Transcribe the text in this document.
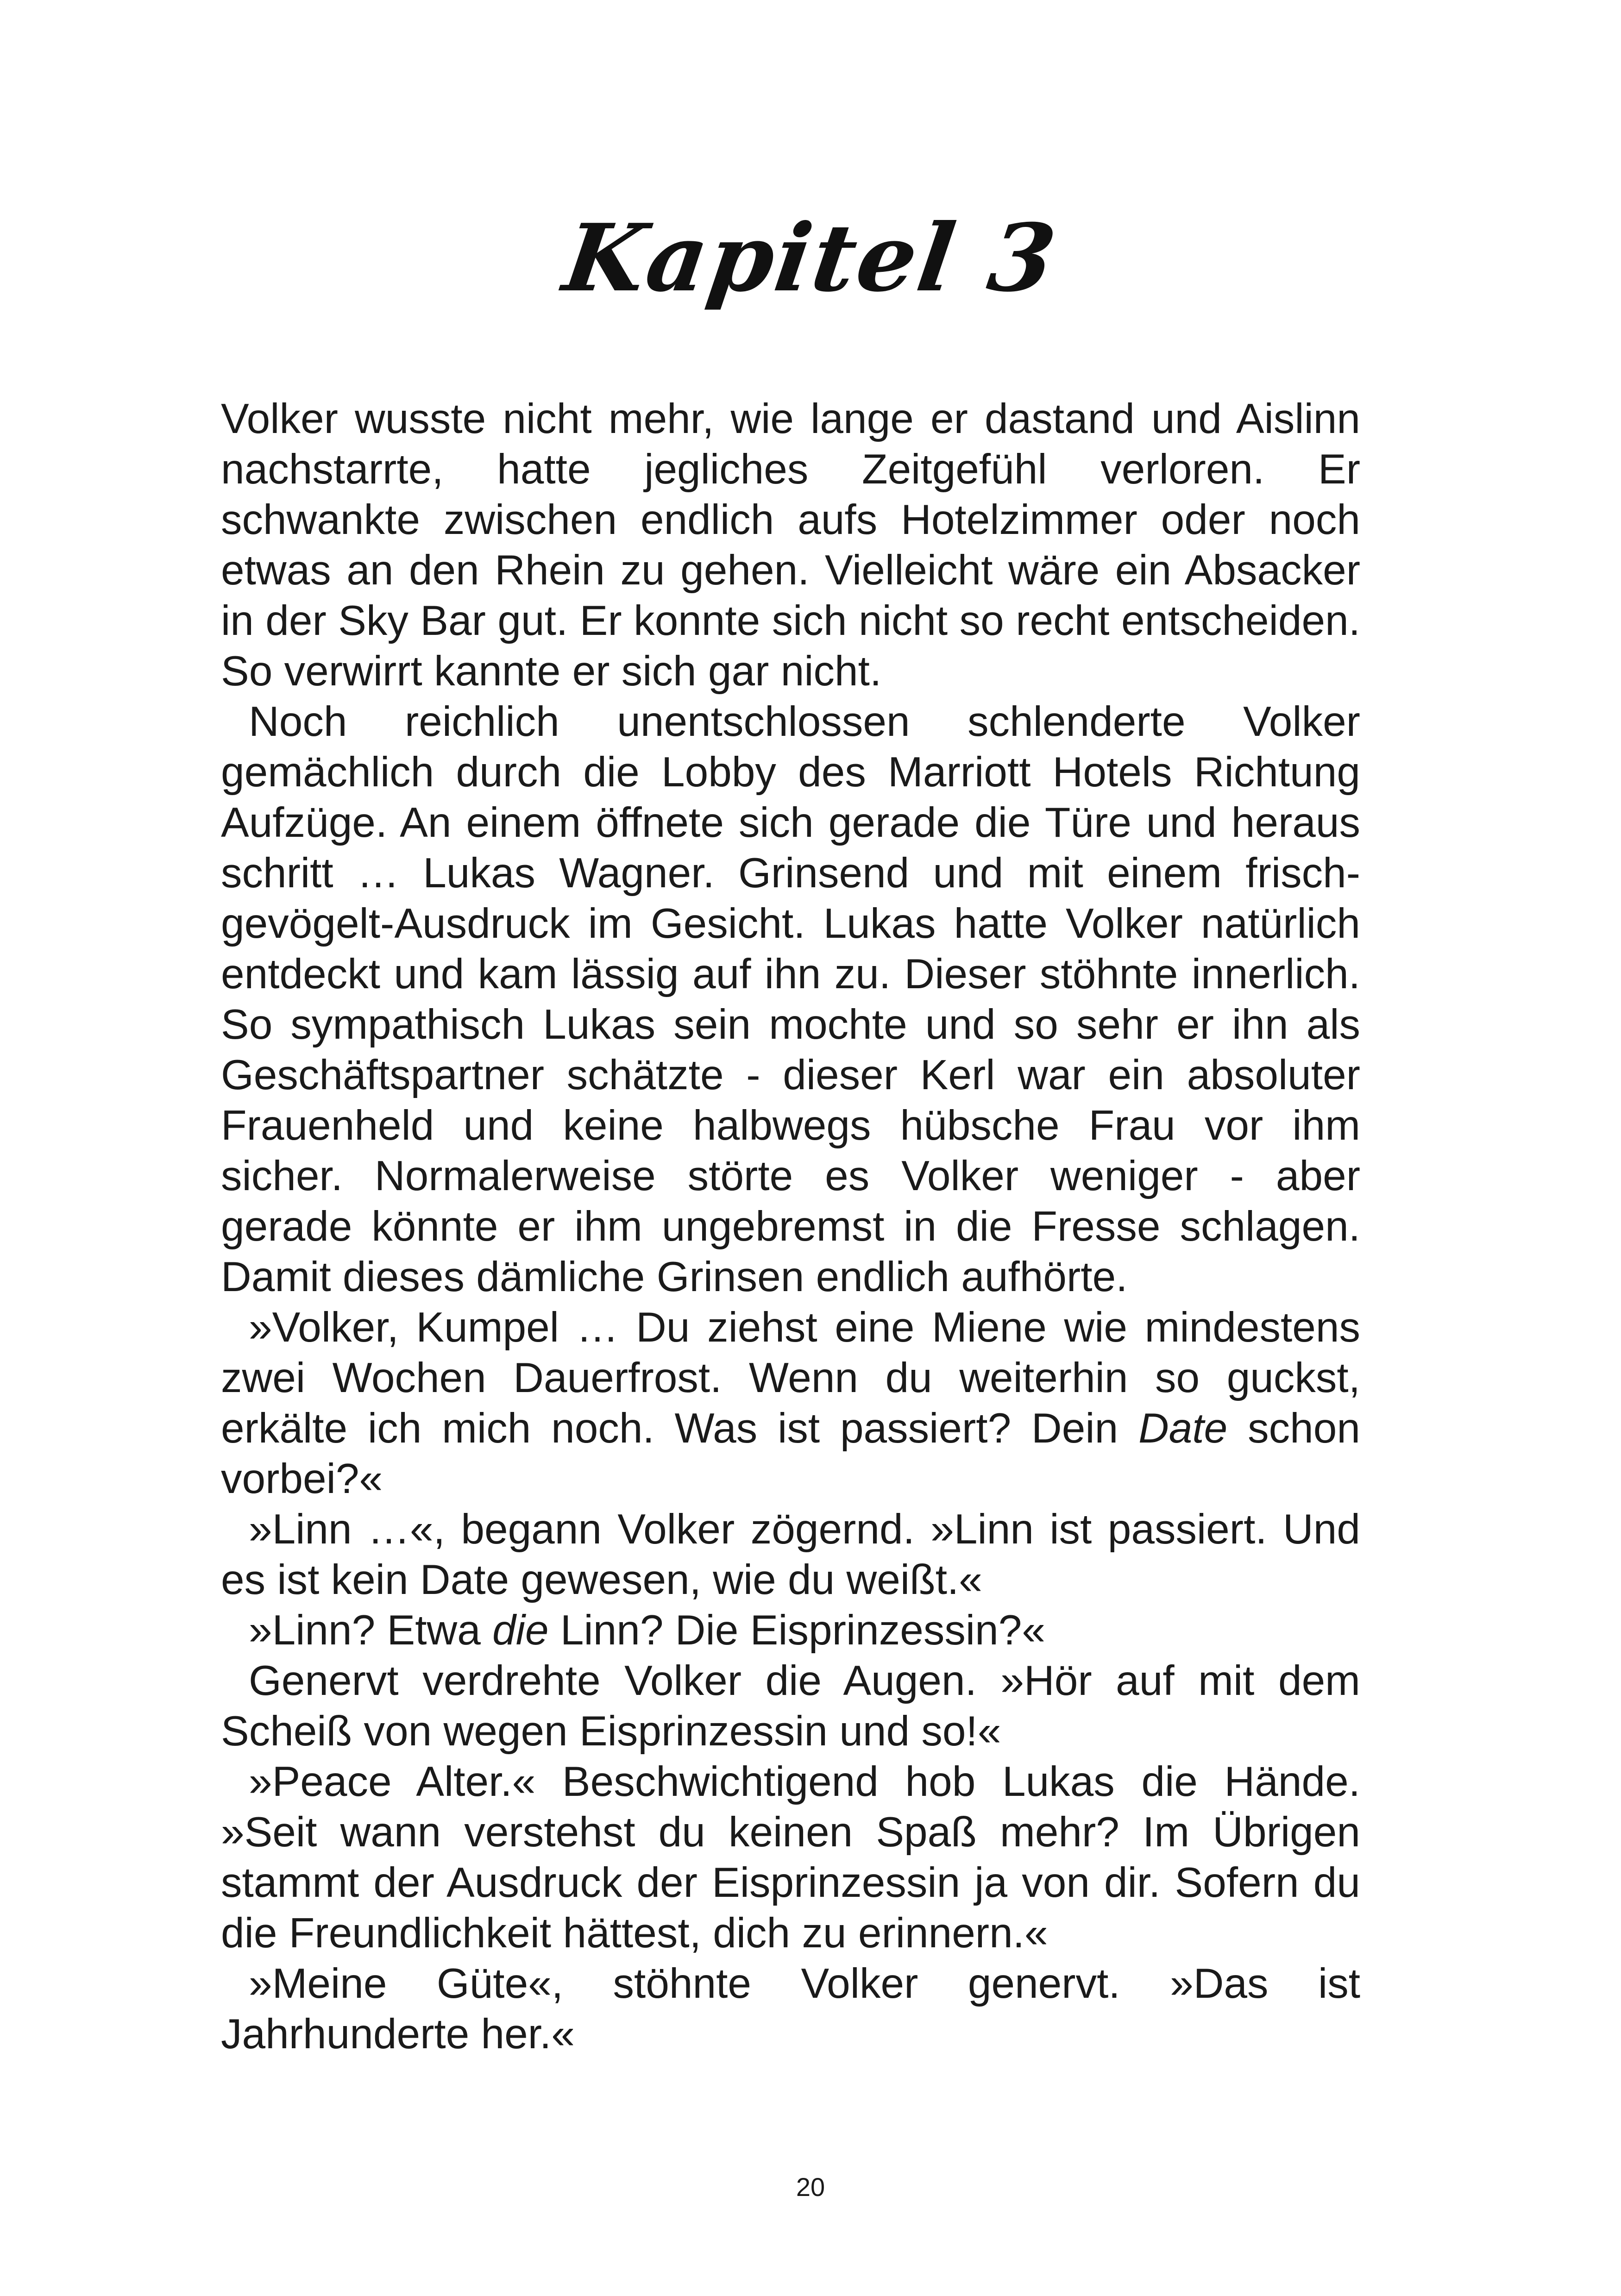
Kapitel 3

Volker wusste nicht mehr, wie lange er dastand und Aislinn nachstarrte, hatte jegliches Zeitgefühl verloren. Er schwankte zwischen endlich aufs Hotelzimmer oder noch etwas an den Rhein zu gehen. Vielleicht wäre ein Absacker in der Sky Bar gut. Er konnte sich nicht so recht entscheiden. So verwirrt kannte er sich gar nicht.

Noch reichlich unentschlossen schlenderte Volker gemächlich durch die Lobby des Marriott Hotels Richtung Aufzüge. An einem öffnete sich gerade die Türe und heraus schritt … Lukas Wagner. Grinsend und mit einem frisch-gevögelt-Ausdruck im Gesicht. Lukas hatte Volker natürlich entdeckt und kam lässig auf ihn zu. Dieser stöhnte innerlich. So sympathisch Lukas sein mochte und so sehr er ihn als Geschäftspartner schätzte - dieser Kerl war ein absoluter Frauenheld und keine halbwegs hübsche Frau vor ihm sicher. Normalerweise störte es Volker weniger - aber gerade könnte er ihm ungebremst in die Fresse schlagen. Damit dieses dämliche Grinsen endlich aufhörte.

»Volker, Kumpel … Du ziehst eine Miene wie mindestens zwei Wochen Dauerfrost. Wenn du weiterhin so guckst, erkälte ich mich noch. Was ist passiert? Dein Date schon vorbei?«

»Linn …«, begann Volker zögernd. »Linn ist passiert. Und es ist kein Date gewesen, wie du weißt.«

»Linn? Etwa die Linn? Die Eisprinzessin?«

Genervt verdrehte Volker die Augen. »Hör auf mit dem Scheiß von wegen Eisprinzessin und so!«

»Peace Alter.« Beschwichtigend hob Lukas die Hände. »Seit wann verstehst du keinen Spaß mehr? Im Übrigen stammt der Ausdruck der Eisprinzessin ja von dir. Sofern du die Freundlichkeit hättest, dich zu erinnern.«

»Meine Güte«, stöhnte Volker genervt. »Das ist Jahrhunderte her.«

20
